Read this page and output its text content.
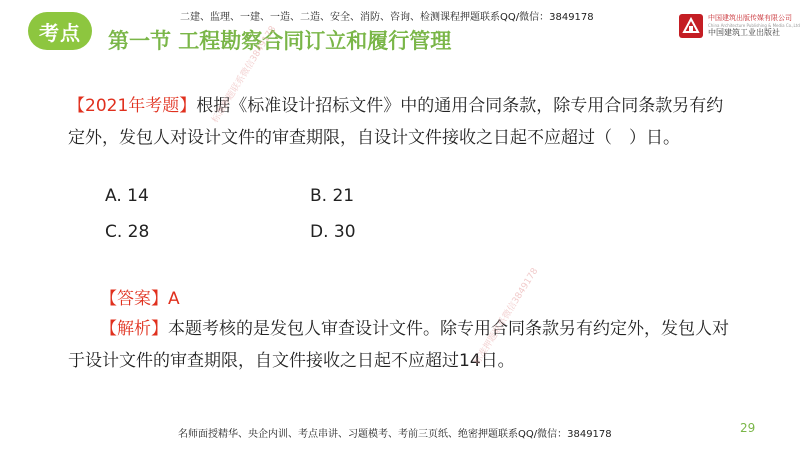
考点	第一节 工程勘察合同订立和履行管理
二建、监理、一建、一造、二造、安全、消防、咨询、检测课程押题联系QQ/微信：3849178	中国建筑出版传媒有限公司
China Architecture Publishing & Media Co.,Ltd
中国建筑工业出版社
【2021年考题】根据《标准设计招标文件》中的通用合同条款，除专用合同条款另有约定外，发包人对设计文件的审查期限，自设计文件接收之日起不应超过（　）日。
A. 14	B. 21
C. 28	D. 30
【答案】A
【解析】本题考核的是发包人审查设计文件。除专用合同条款另有约定外，发包人对于设计文件的审查期限，自文件接收之日起不应超过14日。
标准押题联系微信3849178
标准押题联系微信3849178
名师面授精华、央企内训、考点串讲、习题模考、考前三页纸、绝密押题联系QQ/微信：3849178	29
